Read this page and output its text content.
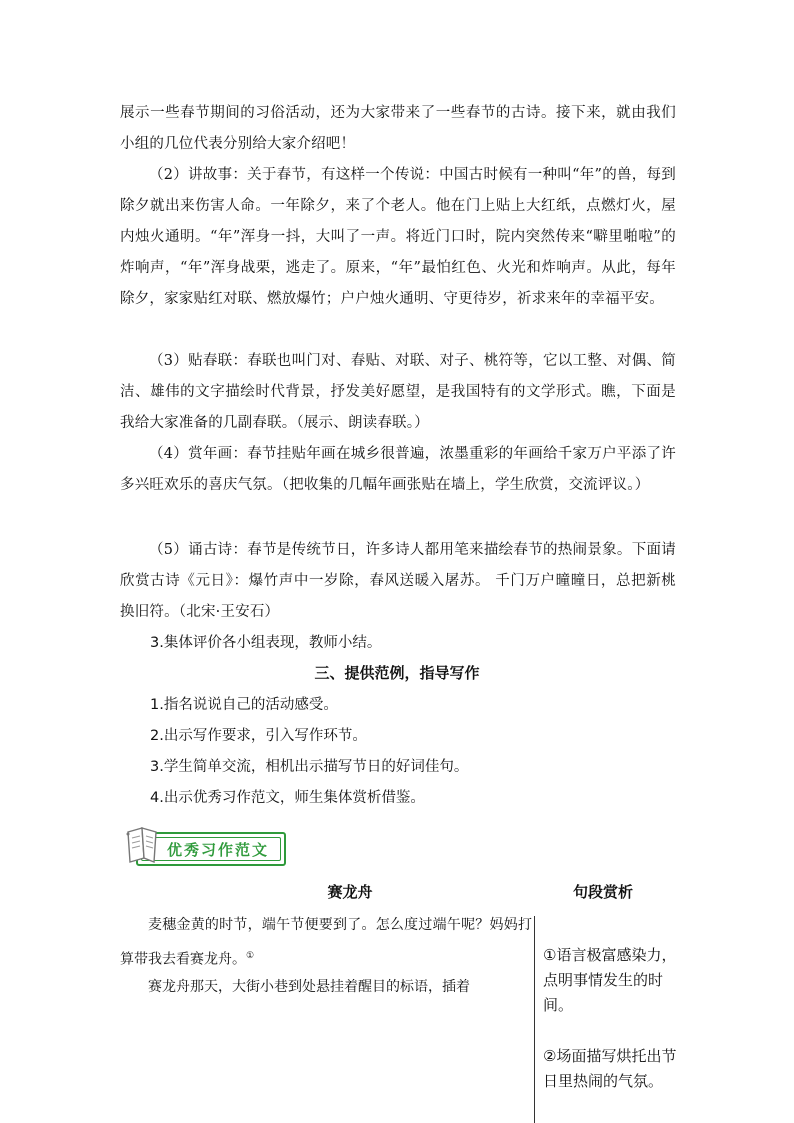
展示一些春节期间的习俗活动，还为大家带来了一些春节的古诗。接下来，就由我们小组的几位代表分别给大家介绍吧！

（2）讲故事：关于春节，有这样一个传说：中国古时候有一种叫“年”的兽，每到除夕就出来伤害人命。一年除夕，来了个老人。他在门上贴上大红纸，点燃灯火，屋内烛火通明。“年”浑身一抖，大叫了一声。将近门口时，院内突然传来“噼里啪啦”的炸响声，“年”浑身战栗，逃走了。原来，“年”最怕红色、火光和炸响声。从此，每年除夕，家家贴红对联、燃放爆竹；户户烛火通明、守更待岁，祈求来年的幸福平安。

（3）贴春联：春联也叫门对、春贴、对联、对子、桃符等，它以工整、对偶、简洁、雄伟的文字描绘时代背景，抒发美好愿望，是我国特有的文学形式。瞧，下面是我给大家准备的几副春联。（展示、朗读春联。）

（4）赏年画：春节挂贴年画在城乡很普遍，浓墨重彩的年画给千家万户平添了许多兴旺欢乐的喜庆气氛。（把收集的几幅年画张贴在墙上，学生欣赏，交流评议。）

（5）诵古诗：春节是传统节日，许多诗人都用笔来描绘春节的热闹景象。下面请欣赏古诗《元日》：爆竹声中一岁除，春风送暖入屠苏。 千门万户曈曈日，总把新桃换旧符。（北宋·王安石）

3.集体评价各小组表现，教师小结。

三、提供范例，指导写作

1.指名说说自己的活动感受。

2.出示写作要求，引入写作环节。

3.学生简单交流，相机出示描写节日的好词佳句。

4.出示优秀习作范文，师生集体赏析借鉴。

优秀习作范文
赛龙舟	句段赏析

麦穗金黄的时节，端午节便要到了。怎么度过端午呢？妈妈打算带我去看赛龙舟。①

赛龙舟那天，大街小巷到处悬挂着醒目的标语，插着

①语言极富感染力，点明事情发生的时间。
②场面描写烘托出节日里热闹的气氛。
